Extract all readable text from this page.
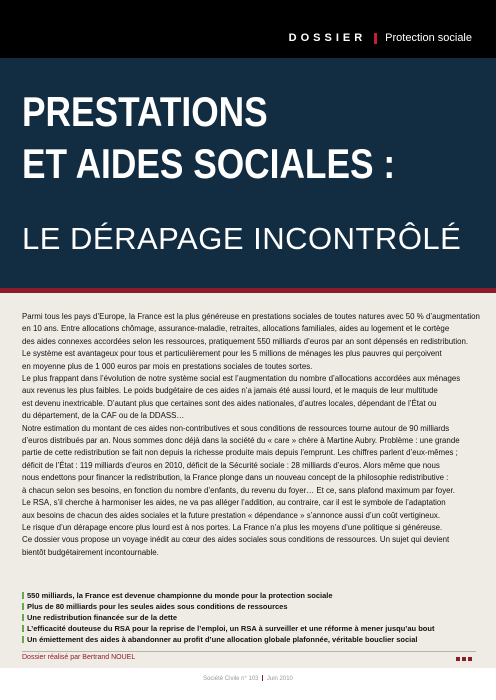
DOSSIER Protection sociale
PRESTATIONS
ET AIDES SOCIALES :
LE DÉRAPAGE INCONTRÔLÉ

Parmi tous les pays d’Europe, la France est la plus généreuse en prestations sociales de toutes natures avec 50 % d’augmentation

en 10 ans. Entre allocations chômage, assurance-maladie, retraites, allocations familiales, aides au logement et le cortège

des aides connexes accordées selon les ressources, pratiquement 550 milliards d’euros par an sont dépensés en redistribution.

Le système est avantageux pour tous et particulièrement pour les 5 millions de ménages les plus pauvres qui perçoivent

en moyenne plus de 1 000 euros par mois en prestations sociales de toutes sortes.

Le plus frappant dans l’évolution de notre système social est l’augmentation du nombre d’allocations accordées aux ménages

aux revenus les plus faibles. Le poids budgétaire de ces aides n’a jamais été aussi lourd, et le maquis de leur multitude

est devenu inextricable. D’autant plus que certaines sont des aides nationales, d’autres locales, dépendant de l’État ou

du département, de la CAF ou de la DDASS…

Notre estimation du montant de ces aides non-contributives et sous conditions de ressources tourne autour de 90 milliards

d’euros distribués par an. Nous sommes donc déjà dans la société du « care » chère à Martine Aubry. Problème : une grande

partie de cette redistribution se fait non depuis la richesse produite mais depuis l’emprunt. Les chiffres parlent d’eux-mêmes ;

déficit de l’État : 119 milliards d’euros en 2010, déficit de la Sécurité sociale : 28 milliards d’euros. Alors même que nous

nous endettons pour financer la redistribution, la France plonge dans un nouveau concept de la philosophie redistributive :

à chacun selon ses besoins, en fonction du nombre d’enfants, du revenu du foyer… Et ce, sans plafond maximum par foyer.

Le RSA, s’il cherche à harmoniser les aides, ne va pas alléger l’addition, au contraire, car il est le symbole de l’adaptation

aux besoins de chacun des aides sociales et la future prestation « dépendance » s’annonce aussi d’un coût vertigineux.

Le risque d’un dérapage encore plus lourd est à nos portes. La France n’a plus les moyens d’une politique si généreuse.

Ce dossier vous propose un voyage inédit au cœur des aides sociales sous conditions de ressources. Un sujet qui devient

bientôt budgétairement incontournable.

550 milliards, la France est devenue championne du monde pour la protection sociale
Plus de 80 milliards pour les seules aides sous conditions de ressources
Une redistribution financée sur de la dette
L’efficacité douteuse du RSA pour la reprise de l’emploi, un RSA à surveiller et une réforme à mener jusqu’au bout
Un émiettement des aides à abandonner au profit d’une allocation globale plafonnée, véritable bouclier social
Dossier réalisé par Bertrand NOUEL
Société Civile n° 103 Juin 2010
